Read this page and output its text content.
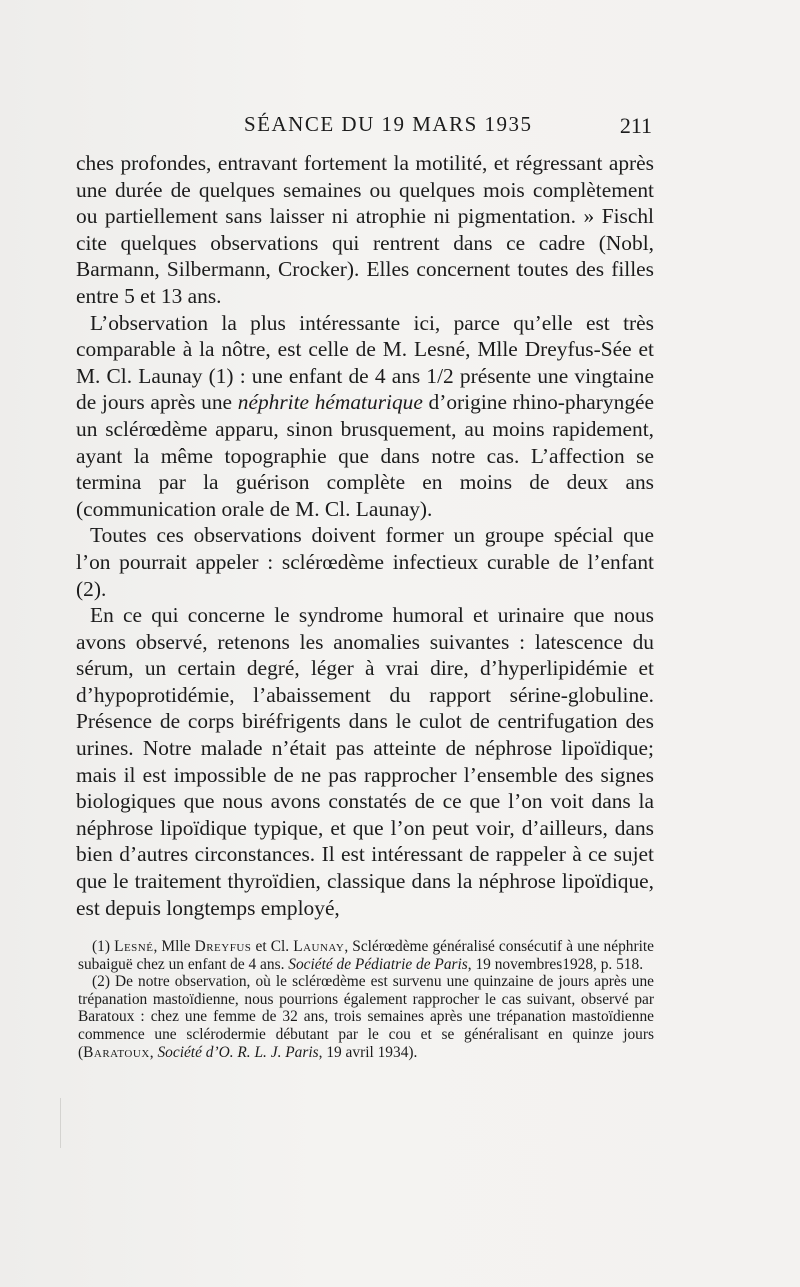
SÉANCE DU 19 MARS 1935	211

ches profondes, entravant fortement la motilité, et régressant après une durée de quelques semaines ou quelques mois complètement ou partiellement sans laisser ni atrophie ni pigmentation. » Fischl cite quelques observations qui rentrent dans ce cadre (Nobl, Barmann, Silbermann, Crocker). Elles concernent toutes des filles entre 5 et 13 ans.

L’observation la plus intéressante ici, parce qu’elle est très comparable à la nôtre, est celle de M. Lesné, Mlle Dreyfus-Sée et M. Cl. Launay (1) : une enfant de 4 ans 1/2 présente une vingtaine de jours après une néphrite hématurique d’origine rhino-pharyngée un sclérœdème apparu, sinon brusquement, au moins rapidement, ayant la même topographie que dans notre cas. L’affection se termina par la guérison complète en moins de deux ans (communication orale de M. Cl. Launay).

Toutes ces observations doivent former un groupe spécial que l’on pourrait appeler : sclérœdème infectieux curable de l’enfant (2).

En ce qui concerne le syndrome humoral et urinaire que nous avons observé, retenons les anomalies suivantes : latescence du sérum, un certain degré, léger à vrai dire, d’hyperlipidémie et d’hypoprotidémie, l’abaissement du rapport sérine-globuline. Présence de corps biréfrigents dans le culot de centrifugation des urines. Notre malade n’était pas atteinte de néphrose lipoïdique; mais il est impossible de ne pas rapprocher l’ensemble des signes biologiques que nous avons constatés de ce que l’on voit dans la néphrose lipoïdique typique, et que l’on peut voir, d’ailleurs, dans bien d’autres circonstances. Il est intéressant de rappeler à ce sujet que le traitement thyroïdien, classique dans la néphrose lipoïdique, est depuis longtemps employé,

(1) Lesné, Mlle Dreyfus et Cl. Launay, Sclérœdème généralisé consécutif à une néphrite subaiguë chez un enfant de 4 ans. Société de Pédiatrie de Paris, 19 novembres1928, p. 518.

(2) De notre observation, où le sclérœdème est survenu une quinzaine de jours après une trépanation mastoïdienne, nous pourrions également rapprocher le cas suivant, observé par Baratoux : chez une femme de 32 ans, trois semaines après une trépanation mastoïdienne commence une sclérodermie débutant par le cou et se généralisant en quinze jours (Baratoux, Société d’O. R. L. J. Paris, 19 avril 1934).
